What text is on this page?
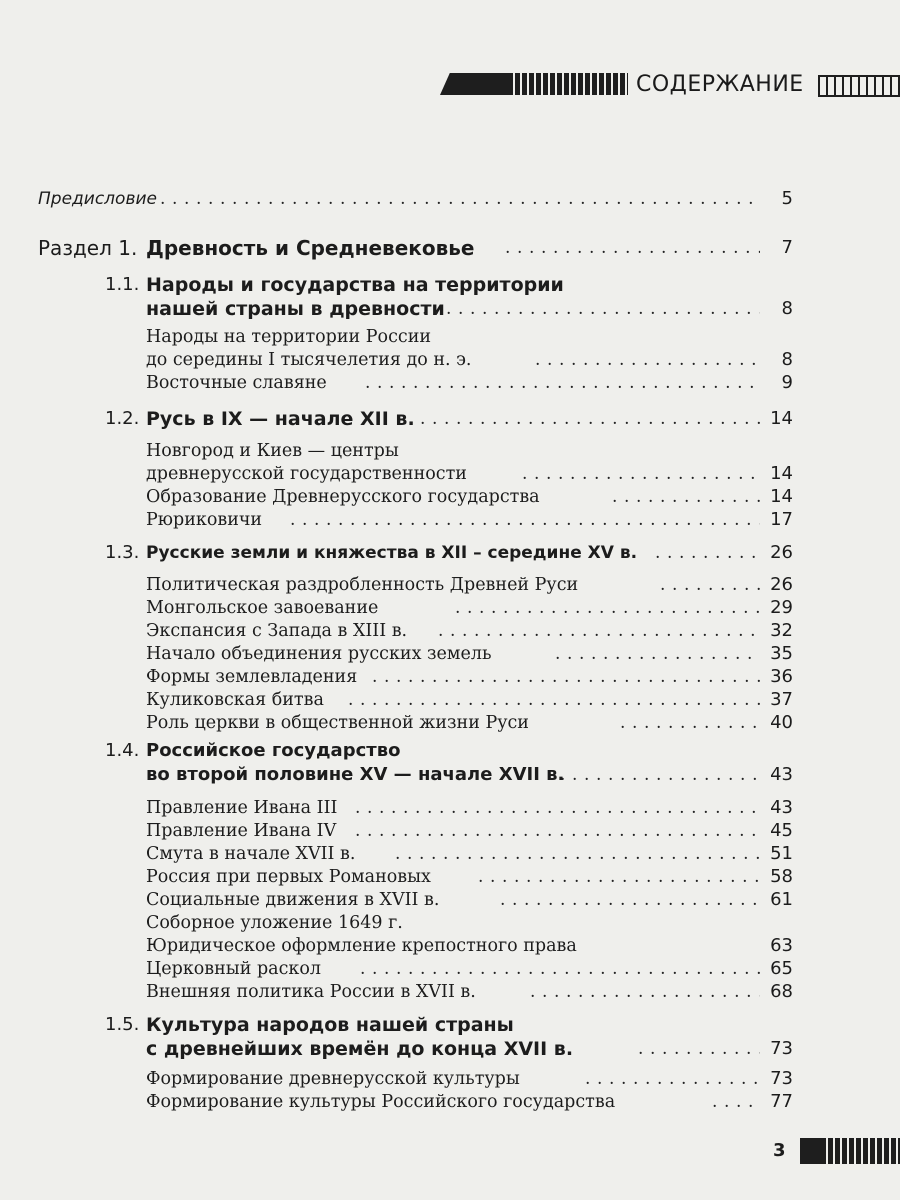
СОДЕРЖАНИЕ
Предисловие .....	5
Раздел 1. Древность и Средневековье .....	7
1.1. Народы и государства на территории
нашей страны в древности .....	8
Народы на территории России
до середины I тысячелетия до н. э. .....	8
Восточные славяне .....	9
1.2. Русь в IX — начале XII в. .....	14
Новгород и Киев — центры
древнерусской государственности .....	14
Образование Древнерусского государства .....	14
Рюриковичи .....	17
1.3. Русские земли и княжества в XII – середине XV в. .....	26
Политическая раздробленность Древней Руси .....	26
Монгольское завоевание .....	29
Экспансия с Запада в XIII в. .....	32
Начало объединения русских земель .....	35
Формы землевладения .....	36
Куликовская битва .....	37
Роль церкви в общественной жизни Руси .....	40
1.4. Российское государство
во второй половине XV — начале XVII в. .....	43
Правление Ивана III .....	43
Правление Ивана IV .....	45
Смута в начале XVII в. .....	51
Россия при первых Романовых .....	58
Социальные движения в XVII в. .....	61
Соборное уложение 1649 г.
Юридическое оформление крепостного права	63
Церковный раскол .....	65
Внешняя политика России в XVII в. .....	68
1.5. Культура народов нашей страны
с древнейших времён до конца XVII в. .....	73
Формирование древнерусской культуры .....	73
Формирование культуры Российского государства .....	77
3
